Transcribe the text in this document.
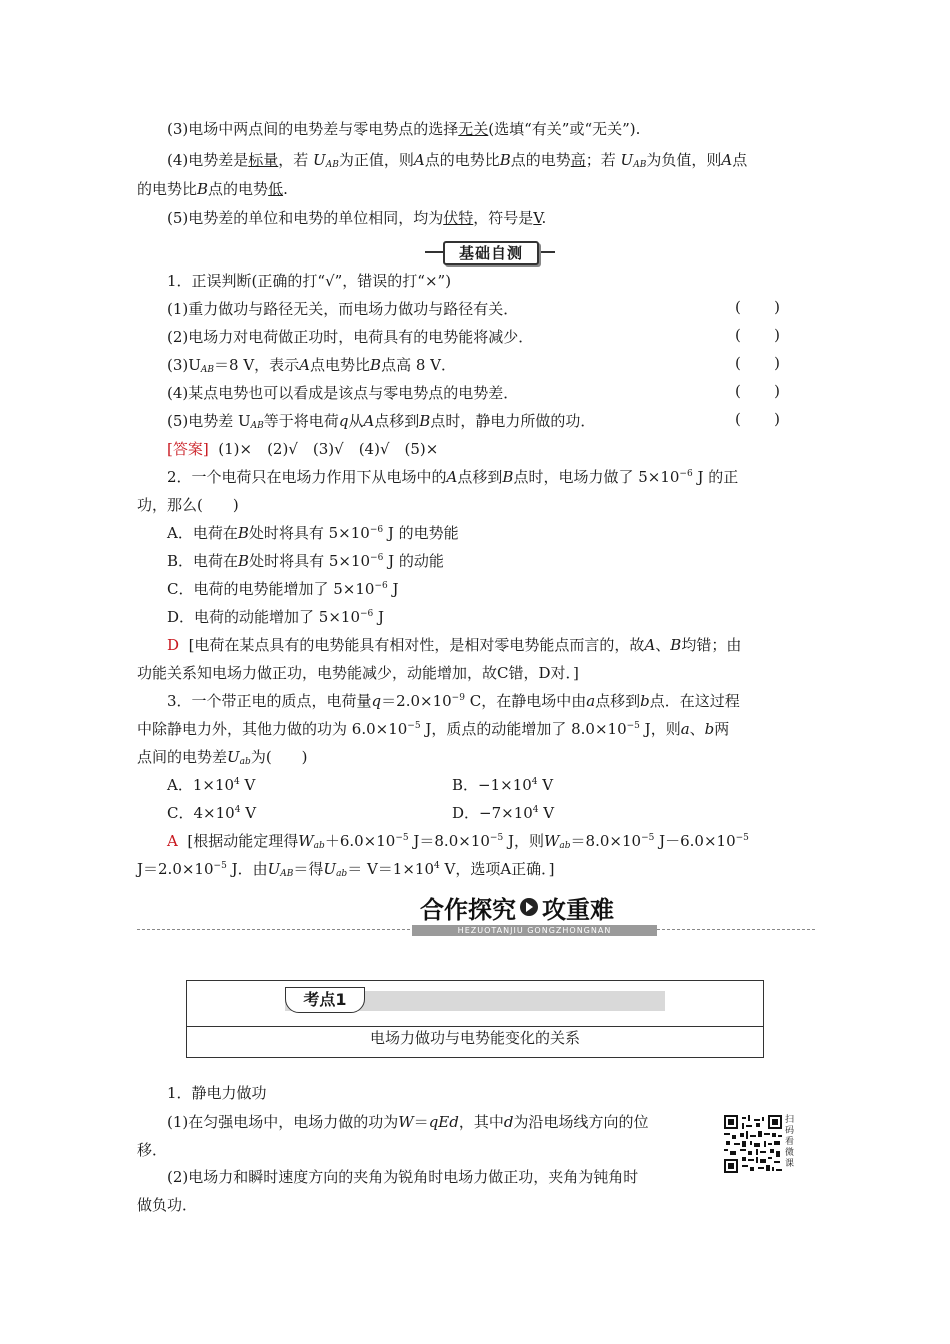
(3)电场中两点间的电势差与零电势点的选择无关(选填“有关”或“无关”).
(4)电势差是标量，若 $U_{AB}$为正值，则A点的电势比B点的电势高；若 $U_{AB}$为负值，则A点
的电势比B点的电势低.
(5)电势差的单位和电势的单位相同，均为伏特，符号是V.
基础自测
1．正误判断(正确的打“√”，错误的打“×”)
(1)重力做功与路径无关，而电场力做功与路径有关．	( )
(2)电场力对电荷做正功时，电荷具有的电势能将减少．	( )
$(3)U_{AB}=8$ V，表示A点电势比B点高 8 V．	( )
(4)某点电势也可以看成是该点与零电势点的电势差．	( )
(5)电势差 $U_{AB}$等于将电荷q从A点移到B点时，静电力所做的功．	( )
[答案] (1)×　(2)√　(3)√　(4)√　(5)×
2．一个电荷只在电场力作用下从电场中的A点移到B点时，电场力做了 $5\times 10^{-6}$ J 的正
功，那么(　　)
A．电荷在B处时将具有 $5\times 10^{-6}$ J 的电势能
B．电荷在B处时将具有 $5\times 10^{-6}$ J 的动能
C．电荷的电势能增加了 $5\times 10^{-6}$ J
D．电荷的动能增加了 $5\times 10^{-6}$ J
D [电荷在某点具有的电势能具有相对性，是相对零电势能点而言的，故A、B均错；由
功能关系知电场力做正功，电势能减少，动能增加，故C错，D对．]
3．一个带正电的质点，电荷量$q=2.0\times 10^{-9}$ C，在静电场中由a点移到b点．在这过程
中除静电力外，其他力做的功为 $6.0\times 10^{-5}$ J，质点的动能增加了 $8.0\times 10^{-5}$ J，则a、b两
点间的电势差$U_{ab}$为(　　)
A．$1\times 10^4$ V	B．$-1\times 10^4$ V
C．$4\times 10^4$ V	D．$-7\times 10^4$ V
A [根据动能定理得$W_{ab}+6.0\times 10^{-5}$ $J=8.0\times 10^{-5}$ J，则$W_{ab}=8.0\times 10^{-5}$ $J-6.0\times 10^{-5}$
$J=2.0\times 10^{-5}$ J．由$U_{AB}=$得$U_{ab}= V=1\times 10^4$ V，选项A正确．]
合作探究 攻重难
HEZUOTANJIU GONGZHONGNAN
考点1
电场力做功与电势能变化的关系
1．静电力做功
(1)在匀强电场中，电场力做的功为W＝qEd，其中d为沿电场线方向的位
移．
(2)电场力和瞬时速度方向的夹角为锐角时电场力做正功，夹角为钝角时
做负功．
扫码看微课
